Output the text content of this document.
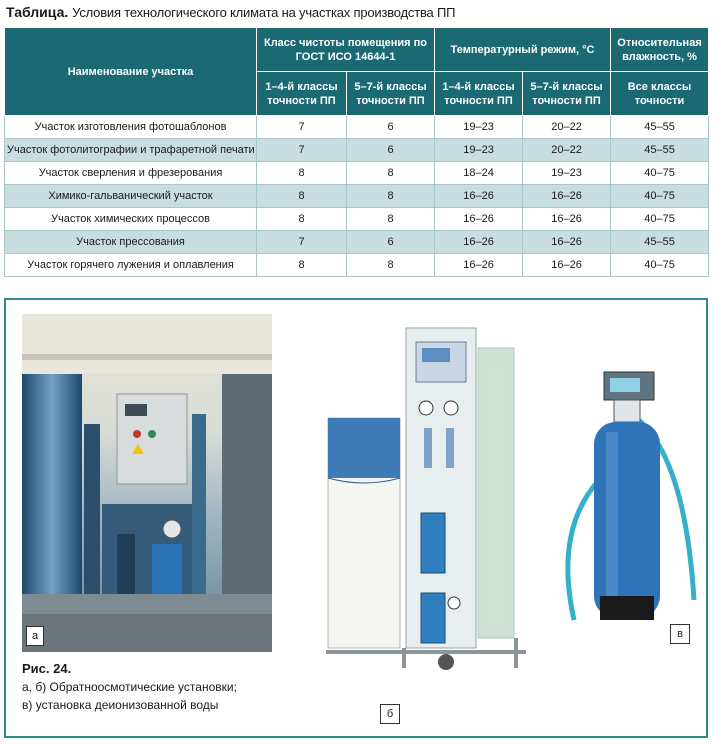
Таблица. Условия технологического климата на участках производства ПП
Наименование участка	Класс чистоты помещения по ГОСТ ИСО 14644-1		Температурный режим, °С		Относительная влажность, %
	1–4-й классы точности ПП	5–7-й классы точности ПП	1–4-й классы точности ПП	5–7-й классы точности ПП	Все классы точности
Участок изготовления фотошаблонов	7	6	19–23	20–22	45–55
Участок фотолитографии и трафаретной печати	7	6	19–23	20–22	45–55
Участок сверления и фрезерования	8	8	18–24	19–23	40–75
Химико-гальванический участок	8	8	16–26	16–26	40–75
Участок химических процессов	8	8	16–26	16–26	40–75
Участок прессования	7	6	16–26	16–26	45–55
Участок горячего лужения и оплавления	8	8	16–26	16–26	40–75
а
б
в
Рис. 24.
а, б) Обратноосмотические установки;
в) установка деионизованной воды
